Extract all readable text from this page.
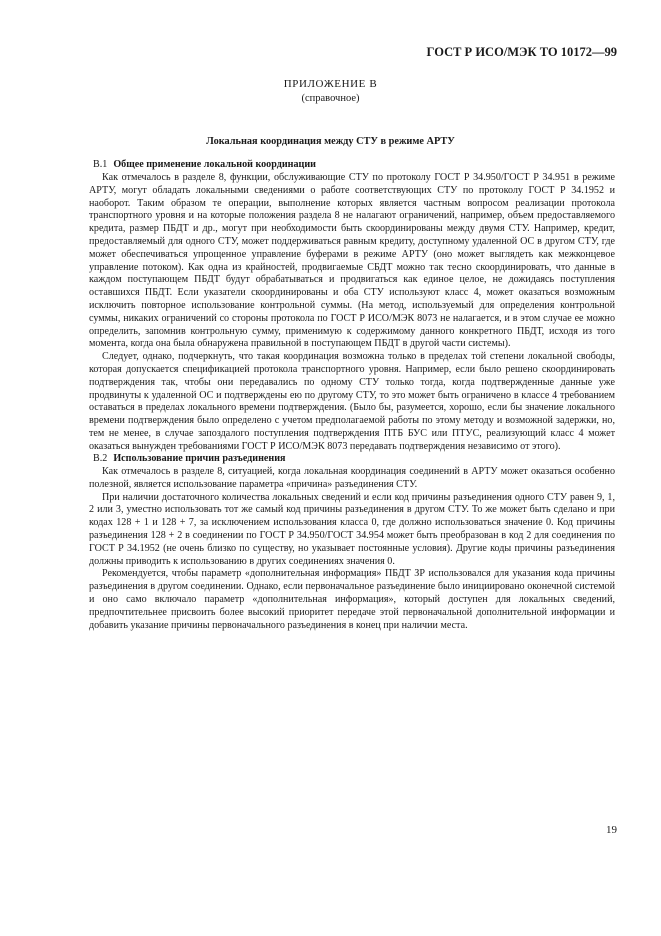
ГОСТ Р ИСО/МЭК ТО 10172—99
ПРИЛОЖЕНИЕ В
(справочное)
Локальная координация между СТУ в режиме АРТУ
В.1 Общее применение локальной координации

Как отмечалось в разделе 8, функции, обслуживающие СТУ по протоколу ГОСТ Р 34.950/ГОСТ Р 34.951 в режиме АРТУ, могут обладать локальными сведениями о работе соответствующих СТУ по протоколу ГОСТ Р 34.1952 и наоборот. Таким образом те операции, выполнение которых является частным вопросом реализации протокола транспортного уровня и на которые положения раздела 8 не налагают ограничений, например, объем предоставляемого кредита, размер ПБДТ и др., могут при необходимости быть скоординированы между двумя СТУ. Например, кредит, предоставляемый для одного СТУ, может поддерживаться равным кредиту, доступному удаленной ОС в другом СТУ, где может обеспечиваться упрощенное управление буферами в режиме АРТУ (оно может выглядеть как межконцевое управление потоком). Как одна из крайностей, продвигаемые СБДТ можно так тесно скоординировать, что данные в каждом поступающем ПБДТ будут обрабатываться и продвигаться как единое целое, не дожидаясь поступления оставшихся ПБДТ. Если указатели скоординированы и оба СТУ используют класс 4, может оказаться возможным исключить повторное использование контрольной суммы. (На метод, используемый для определения контрольной суммы, никаких ограничений со стороны протокола по ГОСТ Р ИСО/МЭК 8073 не налагается, и в этом случае ее можно определить, запомнив контрольную сумму, применимую к содержимому данного конкретного ПБДТ, исходя из того момента, когда она была обнаружена правильной в поступающем ПБДТ в другой части системы).

Следует, однако, подчеркнуть, что такая координация возможна только в пределах той степени локальной свободы, которая допускается спецификацией протокола транспортного уровня. Например, если было решено скоординировать подтверждения так, чтобы они передавались по одному СТУ только тогда, когда подтвержденные данные уже продвинуты к удаленной ОС и подтверждены ею по другому СТУ, то это может быть ограничено в классе 4 требованием оставаться в пределах локального времени подтверждения. (Было бы, разумеется, хорошо, если бы значение локального времени подтверждения было определено с учетом предполагаемой работы по этому методу и возможной задержки, но, тем не менее, в случае запоздалого поступления подтверждения ПТБ БУС или ПТУС, реализующий класс 4 может оказаться вынужден требованиями ГОСТ Р ИСО/МЭК 8073 передавать подтверждения независимо от этого).

В.2 Использование причин разъединения

Как отмечалось в разделе 8, ситуацией, когда локальная координация соединений в АРТУ может оказаться особенно полезной, является использование параметра «причина» разъединения СТУ.

При наличии достаточного количества локальных сведений и если код причины разъединения одного СТУ равен 9, 1, 2 или 3, уместно использовать тот же самый код причины разъединения в другом СТУ. То же может быть сделано и при кодах 128 + 1 и 128 + 7, за исключением использования класса 0, где должно использоваться значение 0. Код причины разъединения 128 + 2 в соединении по ГОСТ Р 34.950/ГОСТ 34.954 может быть преобразован в код 2 для соединения по ГОСТ Р 34.1952 (не очень близко по существу, но указывает постоянные условия). Другие коды причины разъединения должны приводить к использованию в других соединениях значения 0.

Рекомендуется, чтобы параметр «дополнительная информация» ПБДТ ЗР использовался для указания кода причины разъединения в другом соединении. Однако, если первоначальное разъединение было инициировано оконечной системой и оно само включало параметр «дополнительная информация», который доступен для локальных сведений, предпочтительнее присвоить более высокий приоритет передаче этой первоначальной дополнительной информации и добавить указание причины первоначального разъединения в конец при наличии места.

19
